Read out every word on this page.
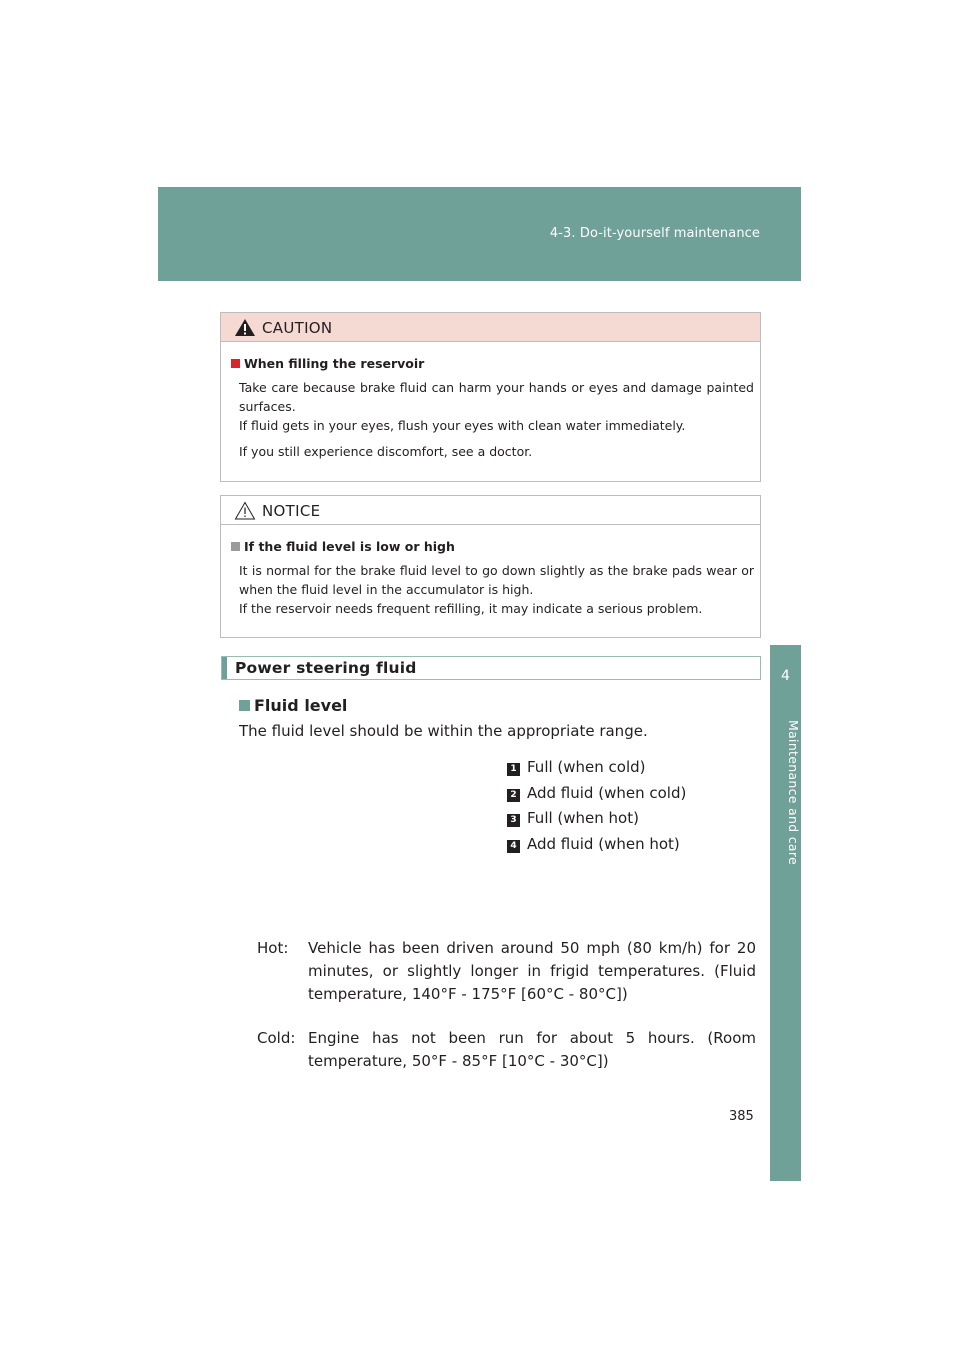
4-3. Do-it-yourself maintenance
4
Maintenance and care
CAUTION
When filling the reservoir
Take care because brake fluid can harm your hands or eyes and damage painted surfaces.
If fluid gets in your eyes, flush your eyes with clean water immediately.
If you still experience discomfort, see a doctor.
NOTICE
If the fluid level is low or high
It is normal for the brake fluid level to go down slightly as the brake pads wear or when the fluid level in the accumulator is high.
If the reservoir needs frequent refilling, it may indicate a serious problem.
Power steering fluid
Fluid level
The fluid level should be within the appropriate range.
1 Full (when cold)
2 Add fluid (when cold)
3 Full (when hot)
4 Add fluid (when hot)
Hot: Vehicle has been driven around 50 mph (80 km/h) for 20 minutes, or slightly longer in frigid temperatures. (Fluid temperature, 140°F - 175°F [60°C - 80°C])
Cold: Engine has not been run for about 5 hours. (Room temperature, 50°F - 85°F [10°C - 30°C])
385
